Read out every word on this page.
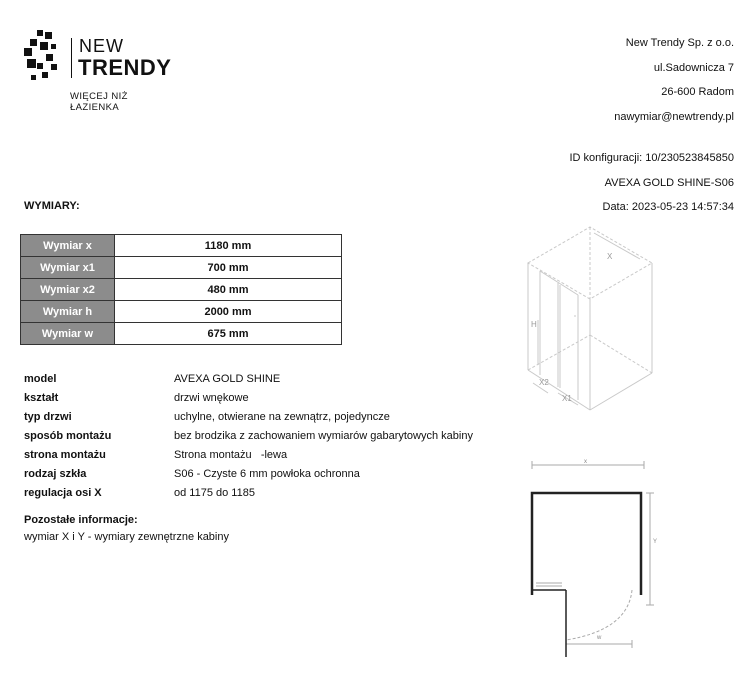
NEW
TRENDY
WIĘCEJ NIŻ ŁAZIENKA
New Trendy Sp. z o.o.
ul.Sadownicza 7
26-600 Radom
nawymiar@newtrendy.pl
ID konfiguracji: 10/230523845850
AVEXA GOLD SHINE-S06
Data: 2023-05-23 14:57:34
WYMIARY:
Wymiar x	1180 mm
Wymiar x1	700 mm
Wymiar x2	480 mm
Wymiar h	2000 mm
Wymiar w	675 mm
model	AVEXA GOLD SHINE
kształt	drzwi wnękowe
typ drzwi	uchylne, otwierane na zewnątrz, pojedyncze
sposób montażu	bez brodzika z zachowaniem wymiarów gabarytowych kabiny
strona montażu	Strona montażu   -lewa
rodzaj szkła	S06 - Czyste 6 mm powłoka ochronna
regulacja osi X	od 1175 do 1185
Pozostałe informacje:
wymiar X i Y - wymiary zewnętrzne kabiny
X
H
X2
X1
x
Y
w
